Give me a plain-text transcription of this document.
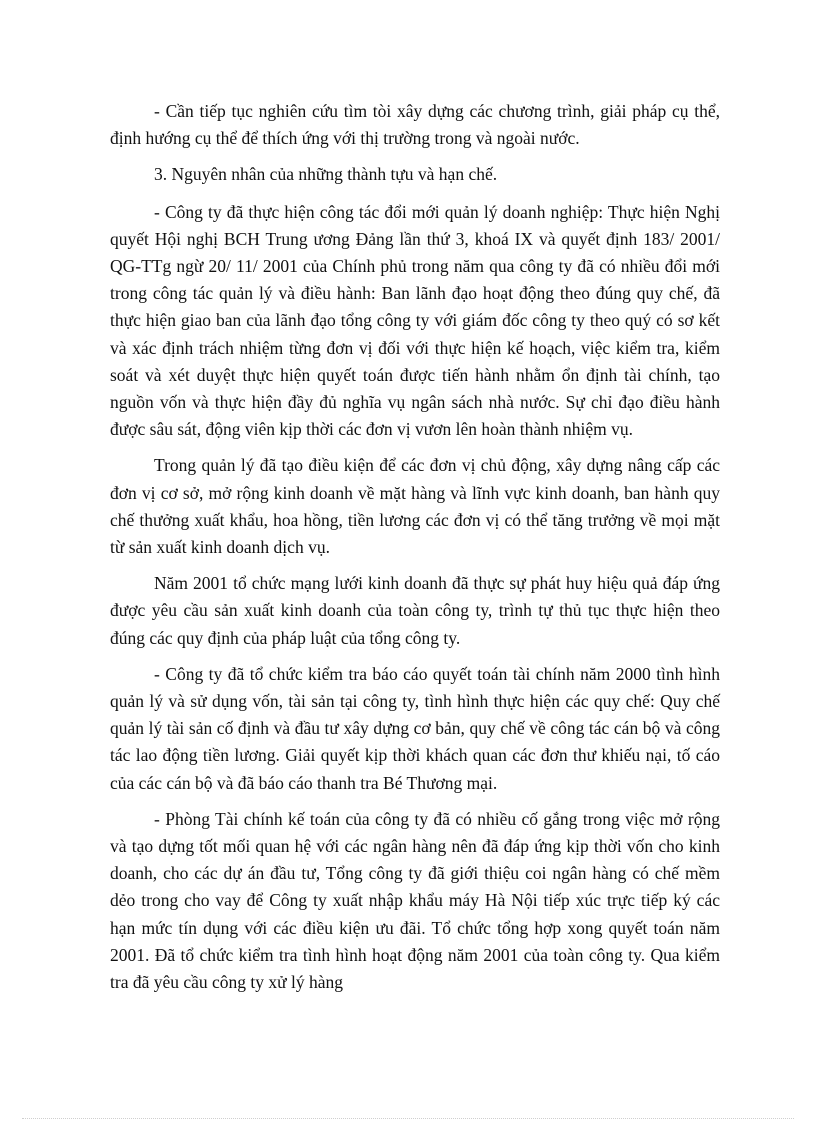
- Cần tiếp tục nghiên cứu tìm tòi xây dựng các chương trình, giải pháp cụ thể, định hướng cụ thể để thích ứng với thị trường trong và ngoài nước.

3. Nguyên nhân của những thành tựu và hạn chế.

- Công ty đã thực hiện công tác đổi mới quản lý doanh nghiệp: Thực hiện Nghị quyết Hội nghị BCH Trung ương Đảng lần thứ 3, khoá IX và quyết định 183/ 2001/ QG-TTg ngừ 20/ 11/ 2001 của Chính phủ trong năm qua công ty đã có nhiều đổi mới trong công tác quản lý và điều hành: Ban lãnh đạo hoạt động theo đúng quy chế, đã thực hiện giao ban của lãnh đạo tổng công ty với giám đốc công ty theo quý có sơ kết và xác định trách nhiệm từng đơn vị đối với thực hiện kế hoạch, việc kiểm tra, kiểm soát và xét duyệt thực hiện quyết toán được tiến hành nhằm ổn định tài chính, tạo nguồn vốn và thực hiện đầy đủ nghĩa vụ ngân sách nhà nước. Sự chỉ đạo điều hành được sâu sát, động viên kịp thời các đơn vị vươn lên hoàn thành nhiệm vụ.

Trong quản lý đã tạo điều kiện để các đơn vị chủ động, xây dựng nâng cấp các đơn vị cơ sở, mở rộng kinh doanh về mặt hàng và lĩnh vực kinh doanh, ban hành quy chế thưởng xuất khẩu, hoa hồng, tiền lương các đơn vị có thể tăng trưởng về mọi mặt từ sản xuất kinh doanh dịch vụ.

Năm 2001 tổ chức mạng lưới kinh doanh đã thực sự phát huy hiệu quả đáp ứng được yêu cầu sản xuất kinh doanh của toàn công ty, trình tự thủ tục thực hiện theo đúng các quy định của pháp luật của tổng công ty.

- Công ty đã tổ chức kiểm tra báo cáo quyết toán tài chính năm 2000 tình hình quản lý và sử dụng vốn, tài sản tại công ty, tình hình thực hiện các quy chế: Quy chế quản lý tài sản cố định và đầu tư xây dựng cơ bản, quy chế về công tác cán bộ và công tác lao động tiền lương. Giải quyết kịp thời khách quan các đơn thư khiếu nại, tố cáo của các cán bộ và đã báo cáo thanh tra Bé Thương mại.

- Phòng Tài chính kế toán của công ty đã có nhiều cố gắng trong việc mở rộng và tạo dựng tốt mối quan hệ với các ngân hàng nên đã đáp ứng kịp thời vốn cho kinh doanh, cho các dự án đầu tư, Tổng công ty đã giới thiệu coi ngân hàng có chế mềm dẻo trong cho vay để Công ty xuất nhập khẩu máy Hà Nội tiếp xúc trực tiếp ký các hạn mức tín dụng với các điều kiện ưu đãi. Tổ chức tổng hợp xong quyết toán năm 2001. Đã tổ chức kiểm tra tình hình hoạt động năm 2001 của toàn công ty. Qua kiểm tra đã yêu cầu công ty xử lý hàng
